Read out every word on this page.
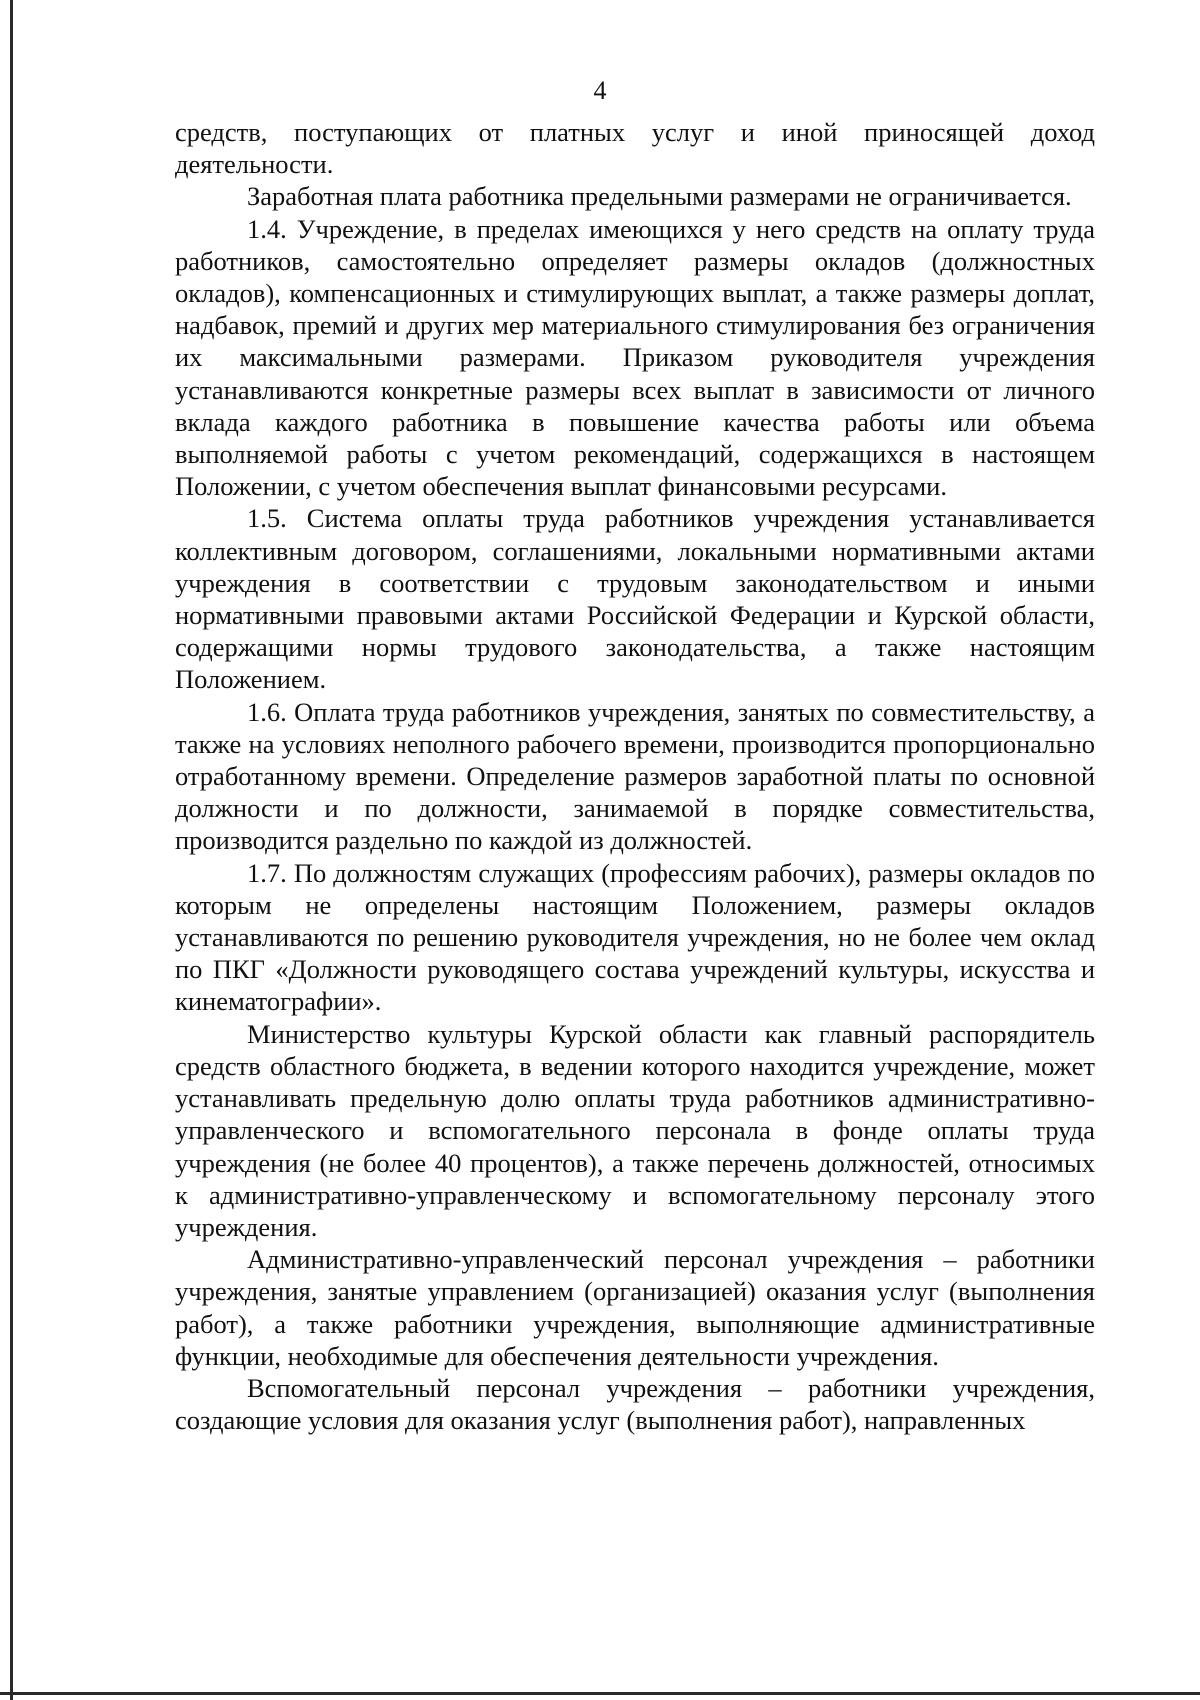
4

средств, поступающих от платных услуг и иной приносящей доход деятельности.

Заработная плата работника предельными размерами не ограничивается.

1.4. Учреждение, в пределах имеющихся у него средств на оплату труда работников, самостоятельно определяет размеры окладов (должностных окладов), компенсационных и стимулирующих выплат, а также размеры доплат, надбавок, премий и других мер материального стимулирования без ограничения их максимальными размерами. Приказом руководителя учреждения устанавливаются конкретные размеры всех выплат в зависимости от личного вклада каждого работника в повышение качества работы или объема выполняемой работы с учетом рекомендаций, содержащихся в настоящем Положении, с учетом обеспечения выплат финансовыми ресурсами.

1.5. Система оплаты труда работников учреждения устанавливается коллективным договором, соглашениями, локальными нормативными актами учреждения в соответствии с трудовым законодательством и иными нормативными правовыми актами Российской Федерации и Курской области, содержащими нормы трудового законодательства, а также настоящим Положением.

1.6. Оплата труда работников учреждения, занятых по совместительству, а также на условиях неполного рабочего времени, производится пропорционально отработанному времени. Определение размеров заработной платы по основной должности и по должности, занимаемой в порядке совместительства, производится раздельно по каждой из должностей.

1.7. По должностям служащих (профессиям рабочих), размеры окладов по которым не определены настоящим Положением, размеры окладов устанавливаются по решению руководителя учреждения, но не более чем оклад по ПКГ «Должности руководящего состава учреждений культуры, искусства и кинематографии».

Министерство культуры Курской области как главный распорядитель средств областного бюджета, в ведении которого находится учреждение, может устанавливать предельную долю оплаты труда работников административно-управленческого и вспомогательного персонала в фонде оплаты труда учреждения (не более 40 процентов), а также перечень должностей, относимых к административно-управленческому и вспомогательному персоналу этого учреждения.

Административно-управленческий персонал учреждения – работники учреждения, занятые управлением (организацией) оказания услуг (выполнения работ), а также работники учреждения, выполняющие административные функции, необходимые для обеспечения деятельности учреждения.

Вспомогательный персонал учреждения – работники учреждения, создающие условия для оказания услуг (выполнения работ), направленных
